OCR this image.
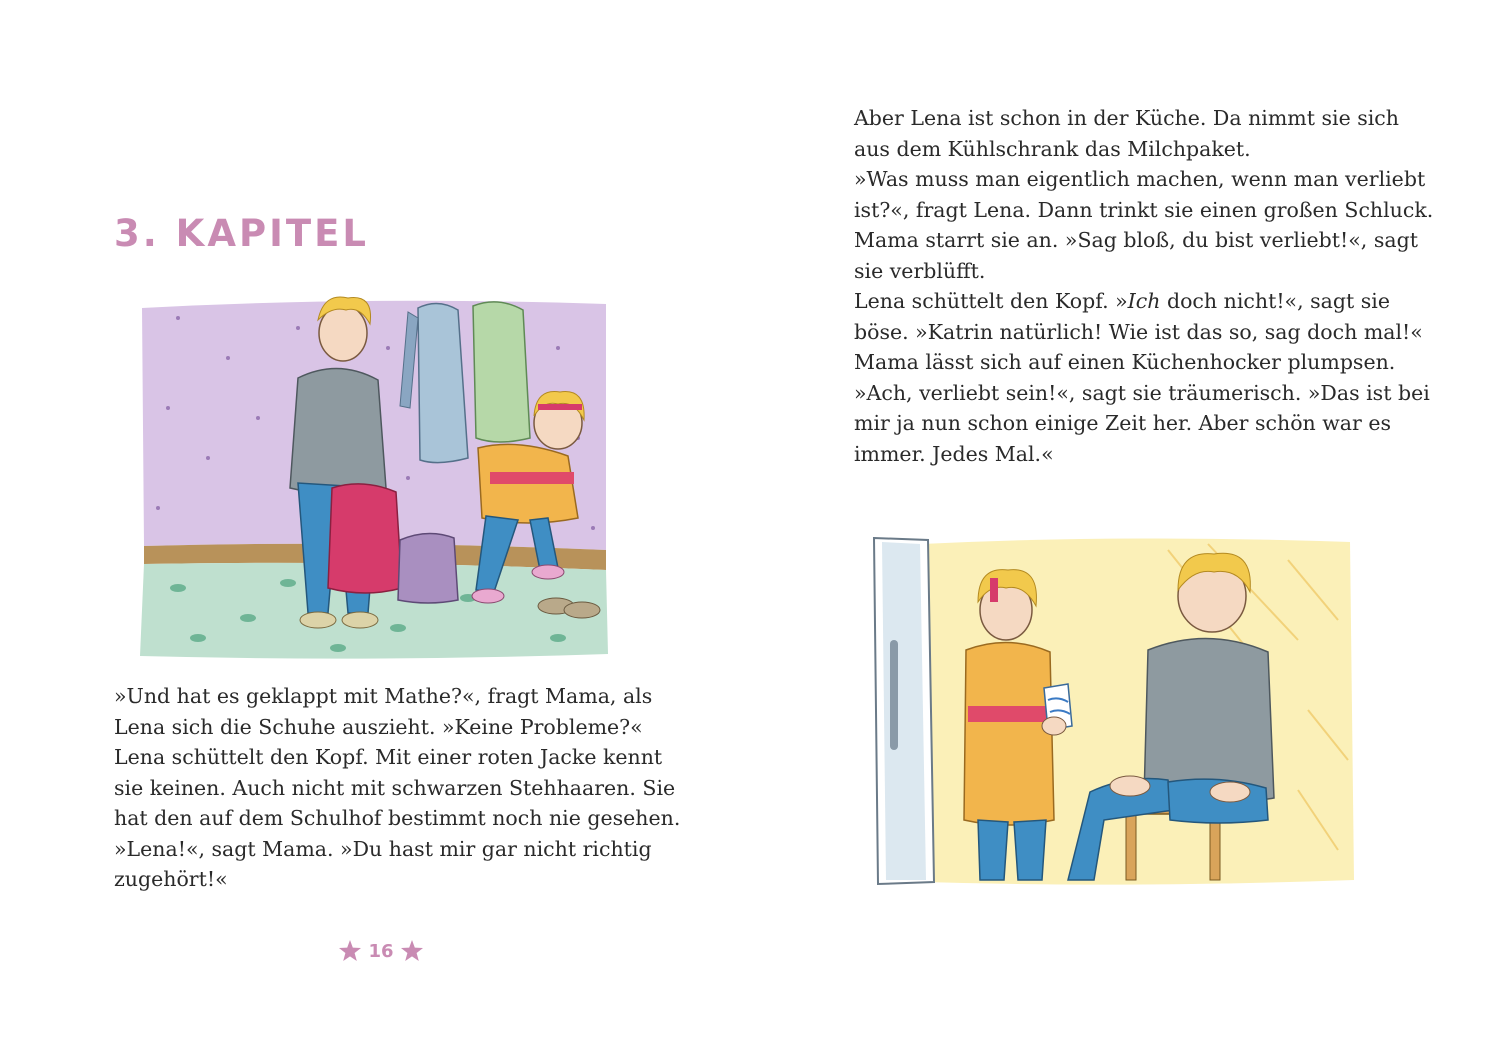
3. KAPITEL

»Und hat es geklappt mit Mathe?«, fragt Mama, als
Lena sich die Schuhe auszieht. »Keine Probleme?«
Lena schüttelt den Kopf. Mit einer roten Jacke kennt
sie keinen. Auch nicht mit schwarzen Stehhaaren. Sie
hat den auf dem Schulhof bestimmt noch nie gesehen.
»Lena!«, sagt Mama. »Du hast mir gar nicht richtig
zugehört!«

16

Aber Lena ist schon in der Küche. Da nimmt sie sich
aus dem Kühlschrank das Milchpaket.
»Was muss man eigentlich machen, wenn man verliebt
ist?«, fragt Lena. Dann trinkt sie einen großen Schluck.
Mama starrt sie an. »Sag bloß, du bist verliebt!«, sagt
sie verblüfft.
Lena schüttelt den Kopf. »Ich doch nicht!«, sagt sie
böse. »Katrin natürlich! Wie ist das so, sag doch mal!«
Mama lässt sich auf einen Küchenhocker plumpsen.
»Ach, verliebt sein!«, sagt sie träumerisch. »Das ist bei
mir ja nun schon einige Zeit her. Aber schön war es
immer. Jedes Mal.«
